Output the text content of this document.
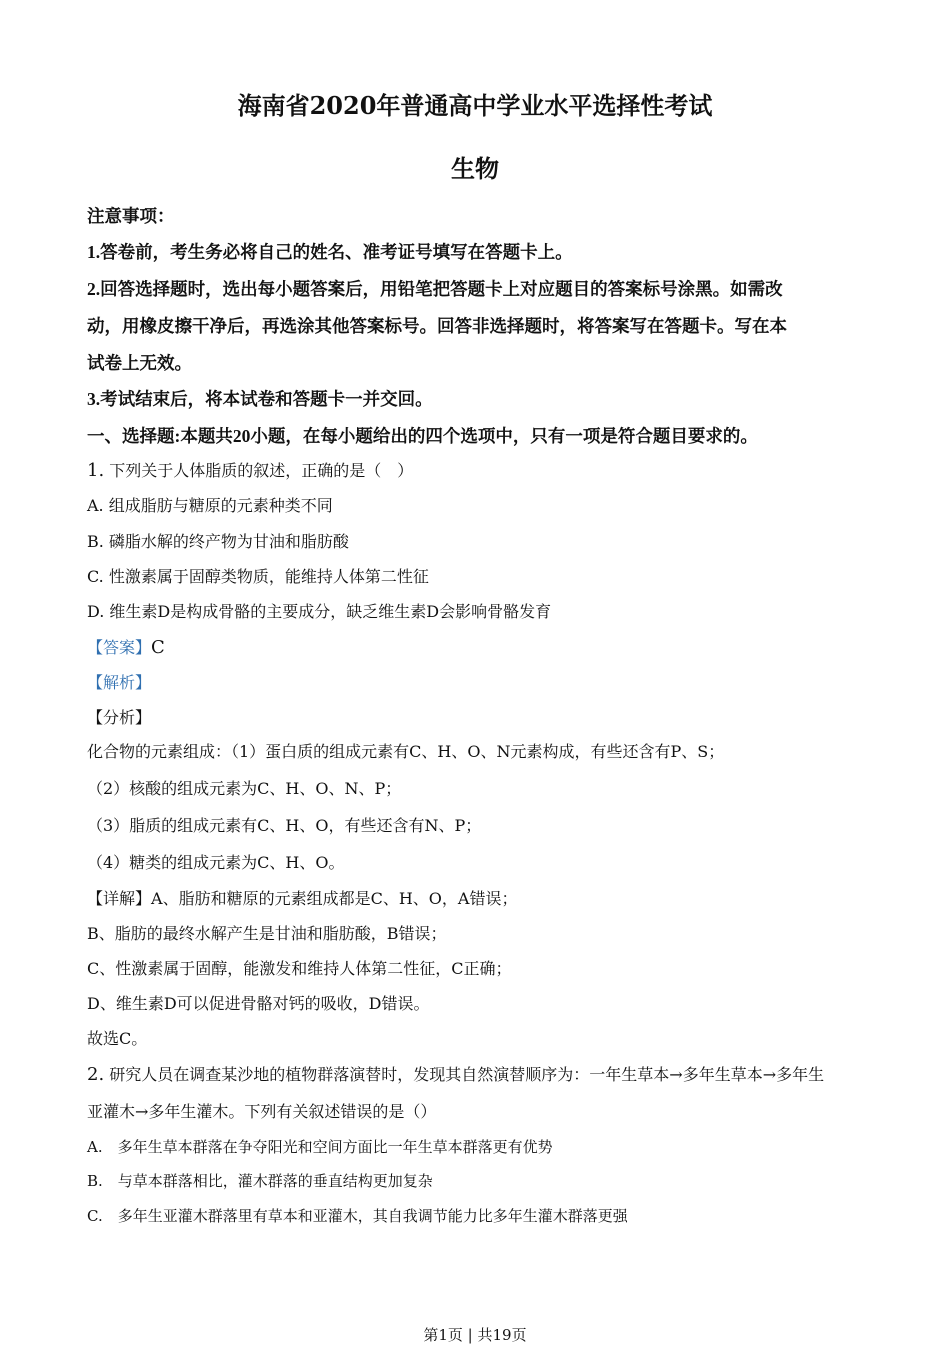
海南省2020年普通高中学业水平选择性考试
生物
注意事项：
1.答卷前，考生务必将自己的姓名、准考证号填写在答题卡上。
2.回答选择题时，选出每小题答案后，用铅笔把答题卡上对应题目的答案标号涂黑。如需改
动，用橡皮擦干净后，再选涂其他答案标号。回答非选择题时，将答案写在答题卡。写在本
试卷上无效。
3.考试结束后，将本试卷和答题卡一并交回。
一、选择题:本题共20小题，在每小题给出的四个选项中，只有一项是符合题目要求的。
1. 下列关于人体脂质的叙述，正确的是（　）
A. 组成脂肪与糖原的元素种类不同
B. 磷脂水解的终产物为甘油和脂肪酸
C. 性激素属于固醇类物质，能维持人体第二性征
D. 维生素D是构成骨骼的主要成分，缺乏维生素D会影响骨骼发育
【答案】C
【解析】
【分析】
化合物的元素组成：（1）蛋白质的组成元素有C、H、O、N元素构成，有些还含有P、S；
（2）核酸的组成元素为C、H、O、N、P；
（3）脂质的组成元素有C、H、O，有些还含有N、P；
（4）糖类的组成元素为C、H、O。
【详解】A、脂肪和糖原的元素组成都是C、H、O，A错误；
B、脂肪的最终水解产生是甘油和脂肪酸，B错误；
C、性激素属于固醇，能激发和维持人体第二性征，C正确；
D、维生素D可以促进骨骼对钙的吸收，D错误。
故选C。
2. 研究人员在调查某沙地的植物群落演替时，发现其自然演替顺序为：一年生草本→多年生草本→多年生
亚灌木→多年生灌木。下列有关叙述错误的是（）
A.　多年生草本群落在争夺阳光和空间方面比一年生草本群落更有优势
B.　与草本群落相比，灌木群落的垂直结构更加复杂
C.　多年生亚灌木群落里有草本和亚灌木，其自我调节能力比多年生灌木群落更强
第1页 | 共19页
